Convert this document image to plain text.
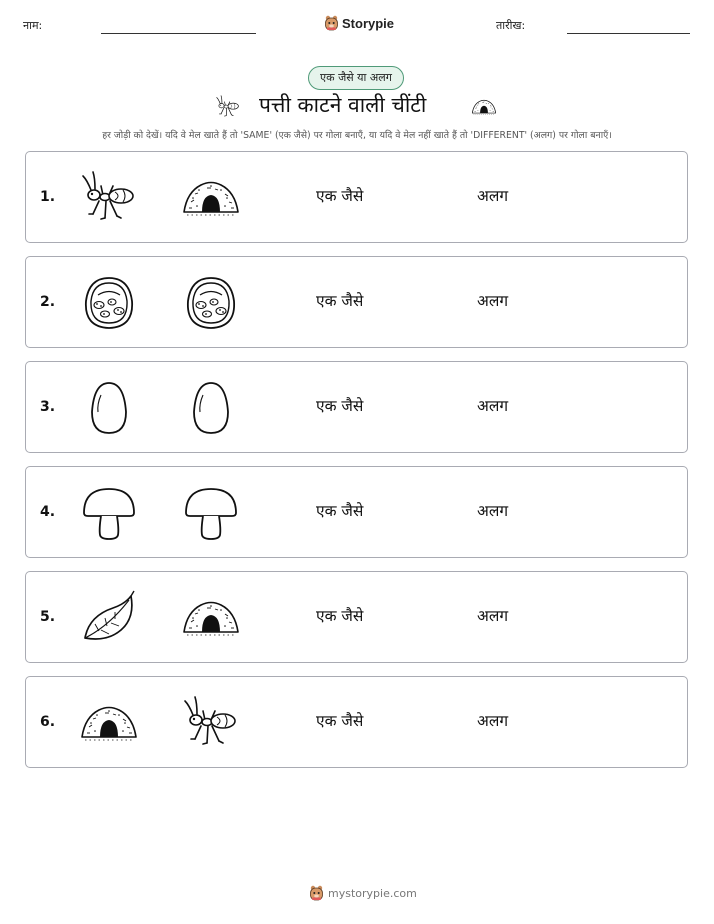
नाम:	Storypie	तारीख:
एक जैसे या अलग
पत्ती काटने वाली चींटी
हर जोड़ी को देखें। यदि वे मेल खाते हैं तो 'SAME' (एक जैसे) पर गोला बनाएँ, या यदि वे मेल नहीं खाते हैं तो 'DIFFERENT' (अलग) पर गोला बनाएँ।
1.	एक जैसे	अलग
2.	एक जैसे	अलग
3.	एक जैसे	अलग
4.	एक जैसे	अलग
5.	एक जैसे	अलग
6.	एक जैसे	अलग
mystorypie.com
